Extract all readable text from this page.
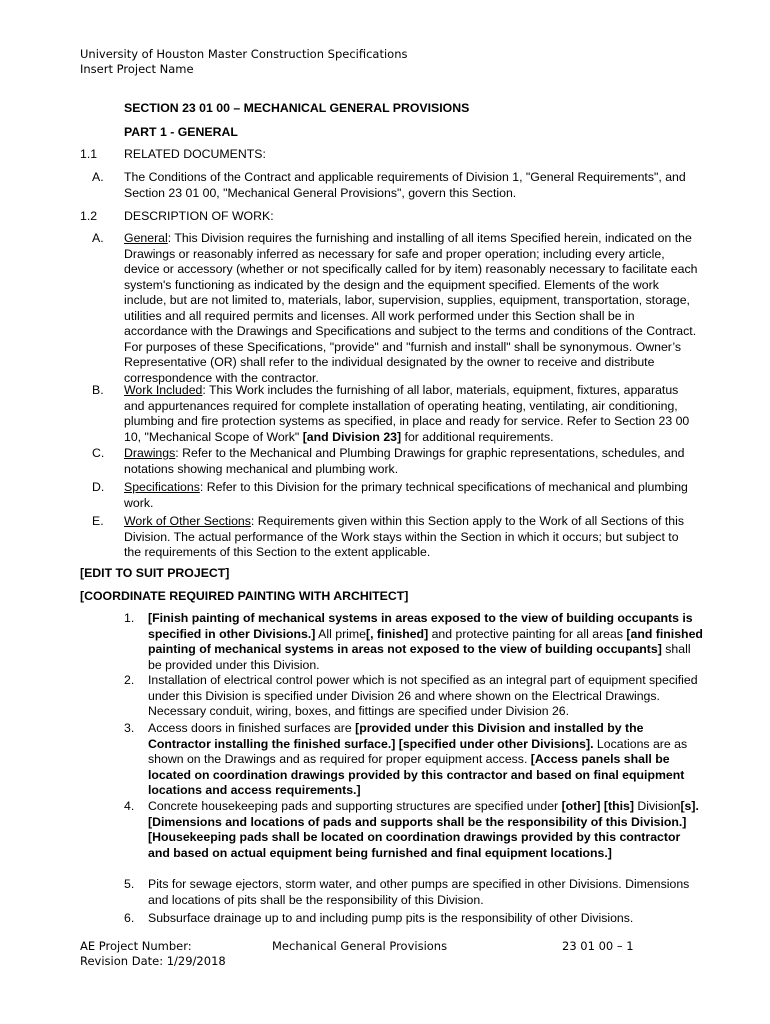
University of Houston Master Construction Specifications
Insert Project Name
SECTION 23 01 00 – MECHANICAL GENERAL PROVISIONS
PART 1 - GENERAL
1.1 RELATED DOCUMENTS:
A. The Conditions of the Contract and applicable requirements of Division 1, "General Requirements", and Section 23 01 00, "Mechanical General Provisions", govern this Section.
1.2 DESCRIPTION OF WORK:
A. General: This Division requires the furnishing and installing of all items Specified herein, indicated on the Drawings or reasonably inferred as necessary for safe and proper operation; including every article, device or accessory (whether or not specifically called for by item) reasonably necessary to facilitate each system's functioning as indicated by the design and the equipment specified. Elements of the work include, but are not limited to, materials, labor, supervision, supplies, equipment, transportation, storage, utilities and all required permits and licenses. All work performed under this Section shall be in accordance with the Drawings and Specifications and subject to the terms and conditions of the Contract. For purposes of these Specifications, "provide" and "furnish and install" shall be synonymous. Owner’s Representative (OR) shall refer to the individual designated by the owner to receive and distribute correspondence with the contractor.
B. Work Included: This Work includes the furnishing of all labor, materials, equipment, fixtures, apparatus and appurtenances required for complete installation of operating heating, ventilating, air conditioning, plumbing and fire protection systems as specified, in place and ready for service. Refer to Section 23 00 10, "Mechanical Scope of Work" [and Division 23] for additional requirements.
C. Drawings: Refer to the Mechanical and Plumbing Drawings for graphic representations, schedules, and notations showing mechanical and plumbing work.
D. Specifications: Refer to this Division for the primary technical specifications of mechanical and plumbing work.
E. Work of Other Sections: Requirements given within this Section apply to the Work of all Sections of this Division. The actual performance of the Work stays within the Section in which it occurs; but subject to the requirements of this Section to the extent applicable.
[EDIT TO SUIT PROJECT]
[COORDINATE REQUIRED PAINTING WITH ARCHITECT]
1. [Finish painting of mechanical systems in areas exposed to the view of building occupants is specified in other Divisions.] All prime[, finished] and protective painting for all areas [and finished painting of mechanical systems in areas not exposed to the view of building occupants] shall be provided under this Division.
2. Installation of electrical control power which is not specified as an integral part of equipment specified under this Division is specified under Division 26 and where shown on the Electrical Drawings. Necessary conduit, wiring, boxes, and fittings are specified under Division 26.
3. Access doors in finished surfaces are [provided under this Division and installed by the Contractor installing the finished surface.] [specified under other Divisions]. Locations are as shown on the Drawings and as required for proper equipment access. [Access panels shall be located on coordination drawings provided by this contractor and based on final equipment locations and access requirements.]
4. Concrete housekeeping pads and supporting structures are specified under [other] [this] Division[s]. [Dimensions and locations of pads and supports shall be the responsibility of this Division.] [Housekeeping pads shall be located on coordination drawings provided by this contractor and based on actual equipment being furnished and final equipment locations.]
5. Pits for sewage ejectors, storm water, and other pumps are specified in other Divisions. Dimensions and locations of pits shall be the responsibility of this Division.
6. Subsurface drainage up to and including pump pits is the responsibility of other Divisions.
AE Project Number:
Revision Date: 1/29/2018
Mechanical General Provisions	23 01 00 – 1
